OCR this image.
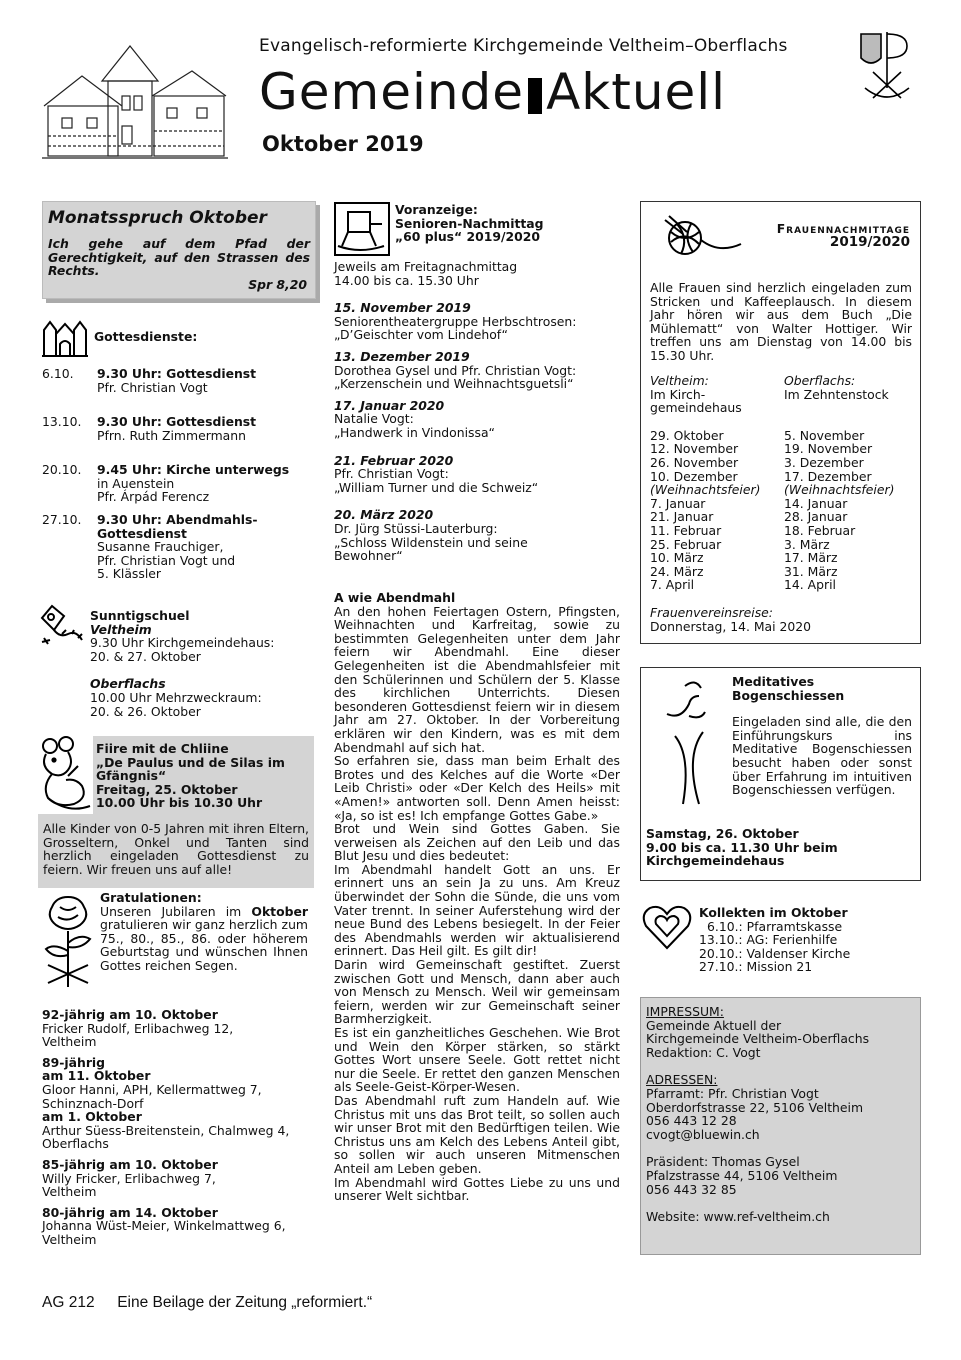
Evangelisch-reformierte Kirchgemeinde Veltheim–Oberflachs
Gemeinde Aktuell
Oktober 2019
Monatsspruch Oktober
Ich gehe auf dem Pfad der Gerechtigkeit, auf den Strassen des Rechts.
Spr 8,20
Gottesdienste:
6.10.	9.30 Uhr: Gottesdienst
Pfr. Christian Vogt
13.10.	9.30 Uhr: Gottesdienst
Pfrn. Ruth Zimmermann
20.10.	9.45 Uhr: Kirche unterwegs
in Auenstein
Pfr. Árpád Ferencz
27.10.	9.30 Uhr: Abendmahls-Gottesdienst
Susanne Frauchiger,
Pfr. Christian Vogt und
5. Klässler
Sunntigschuel
Veltheim
9.30 Uhr Kirchgemeindehaus:
20. & 27. Oktober
Oberflachs
10.00 Uhr Mehrzweckraum:
20. & 26. Oktober
Fiire mit de Chliine
„De Paulus und de Silas im Gfängnis“
Freitag, 25. Oktober
10.00 Uhr bis 10.30 Uhr
Alle Kinder von 0-5 Jahren mit ihren Eltern, Grosseltern, Onkel und Tanten sind herzlich eingeladen Gottesdienst zu feiern. Wir freuen uns auf alle!
Gratulationen:
Unseren Jubilaren im Oktober gratulieren wir ganz herzlich zum 75., 80., 85., 86. oder höherem Geburtstag und wünschen Ihnen Gottes reichen Segen.
92-jährig am 10. Oktober
Fricker Rudolf, Erlibachweg 12,
Veltheim
89-jährig
am 11. Oktober
Gloor Hanni, APH, Kellermattweg 7,
Schinznach-Dorf
am 1. Oktober
Arthur Süess-Breitenstein, Chalmweg 4,
Oberflachs
85-jährig am 10. Oktober
Willy Fricker, Erlibachweg 7,
Veltheim
80-jährig am 14. Oktober
Johanna Wüst-Meier, Winkelmattweg 6,
Veltheim
Voranzeige:
Senioren-Nachmittag
„60 plus“ 2019/2020
Jeweils am Freitagnachmittag
14.00 bis ca. 15.30 Uhr
15. November 2019
Seniorentheatergruppe Herbschtrosen:
„D’Geischter vom Lindehof“
13. Dezember 2019
Dorothea Gysel und Pfr. Christian Vogt:
„Kerzenschein und Weihnachtsguetsli“
17. Januar 2020
Natalie Vogt:
„Handwerk in Vindonissa“
21. Februar 2020
Pfr. Christian Vogt:
„William Turner und die Schweiz“
20. März 2020
Dr. Jürg Stüssi-Lauterburg:
„Schloss Wildenstein und seine
Bewohner“
A wie Abendmahl
An den hohen Feiertagen Ostern, Pfingsten, Weihnachten und Karfreitag, sowie zu bestimmten Gelegenheiten unter dem Jahr feiern wir Abendmahl. Eine dieser Gelegenheiten ist die Abendmahlsfeier mit den Schülerinnen und Schülern der 5. Klasse des kirchlichen Unterrichts. Diesen besonderen Gottesdienst feiern wir in diesem Jahr am 27. Oktober. In der Vorbereitung erklären wir den Kindern, was es mit dem Abendmahl auf sich hat.
So erfahren sie, dass man beim Erhalt des Brotes und des Kelches auf die Worte «Der Leib Christi» oder «Der Kelch des Heils» mit «Amen!» antworten soll. Denn Amen heisst: «Ja, so ist es! Ich empfange Gottes Gabe.»
Brot und Wein sind Gottes Gaben. Sie verweisen als Zeichen auf den Leib und das Blut Jesu und dies bedeutet:
Im Abendmahl handelt Gott an uns. Er erinnert uns an sein Ja zu uns. Am Kreuz überwindet der Sohn die Sünde, die uns vom Vater trennt. In seiner Auferstehung wird der neue Bund des Lebens besiegelt. In der Feier des Abendmahls werden wir aktualisierend erinnert. Das Heil gilt. Es gilt dir!
Darin wird Gemeinschaft gestiftet. Zuerst zwischen Gott und Mensch, dann aber auch von Mensch zu Mensch. Weil wir gemeinsam feiern, werden wir zur Gemeinschaft seiner Barmherzigkeit.
Es ist ein ganzheitliches Geschehen. Wie Brot und Wein den Körper stärken, so stärkt Gottes Wort unsere Seele. Gott rettet nicht nur die Seele. Er rettet den ganzen Menschen als Seele-Geist-Körper-Wesen.
Das Abendmahl ruft zum Handeln auf. Wie Christus mit uns das Brot teilt, so sollen auch wir unser Brot mit den Bedürftigen teilen. Wie Christus uns am Kelch des Lebens Anteil gibt, so sollen wir auch unseren Mitmenschen Anteil am Leben geben.
Im Abendmahl wird Gottes Liebe zu uns und unserer Welt sichtbar.
Frauennachmittage
2019/2020
Alle Frauen sind herzlich eingeladen zum Stricken und Kaffeeplausch. In diesem Jahr hören wir aus dem Buch „Die Mühlematt“ von Walter Hottiger. Wir treffen uns am Dienstag von 14.00 bis 15.30 Uhr.
Veltheim:
Im Kirch-
gemeindehaus
Oberflachs:
Im Zehntenstock
29. Oktober	5. November
12. November	19. November
26. November	3. Dezember
10. Dezember	17. Dezember
(Weihnachtsfeier)	(Weihnachtsfeier)
7. Januar	14. Januar
21. Januar	28. Januar
11. Februar	18. Februar
25. Februar	3. März
10. März	17. März
24. März	31. März
7. April	14. April
Frauenvereinsreise:
Donnerstag, 14. Mai 2020
Meditatives
Bogenschiessen
Eingeladen sind alle, die den Einführungskurs ins Meditative Bogenschiessen besucht haben oder sonst über Erfahrung im intuitiven Bogenschiessen verfügen.
Samstag, 26. Oktober
9.00 bis ca. 11.30 Uhr beim Kirchgemeindehaus
Kollekten im Oktober
6.10.: Pfarramtskasse
13.10.: AG: Ferienhilfe
20.10.: Valdenser Kirche
27.10.: Mission 21
IMPRESSUM:
Gemeinde Aktuell der
Kirchgemeinde Veltheim-Oberflachs
Redaktion: C. Vogt
ADRESSEN:
Pfarramt: Pfr. Christian Vogt
Oberdorfstrasse 22, 5106 Veltheim
056 443 12 28
cvogt@bluewin.ch
Präsident: Thomas Gysel
Pfalzstrasse 44, 5106 Veltheim
056 443 32 85
Website: www.ref-veltheim.ch
AG 212 Eine Beilage der Zeitung „reformiert.“
